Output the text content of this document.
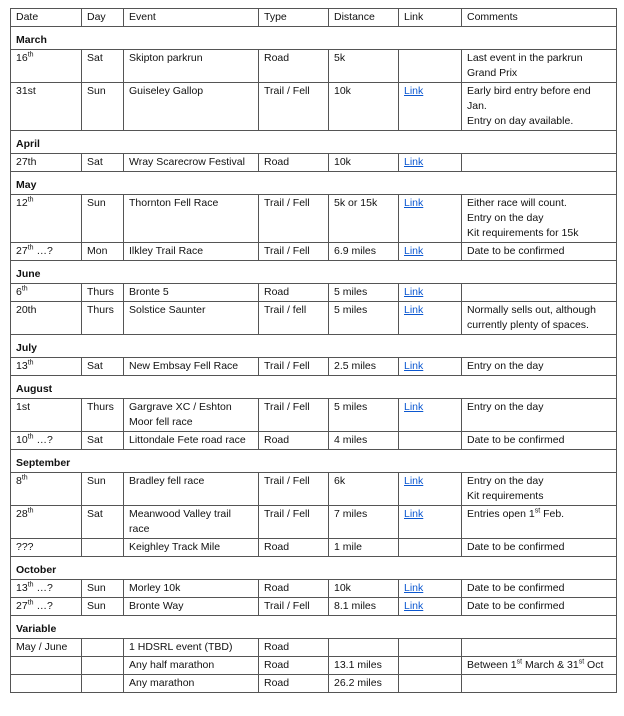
Date	Day	Event	Type	Distance	Link	Comments
March						
16th	Sat	Skipton parkrun	Road	5k		Last event in the parkrun Grand Prix
31st	Sun	Guiseley Gallop	Trail / Fell	10k	Link	Early bird entry before end Jan.
Entry on day available.
April						
27th	Sat	Wray Scarecrow Festival	Road	10k	Link	
May						
12th	Sun	Thornton Fell Race	Trail / Fell	5k or 15k	Link	Either race will count.
Entry on the day
Kit requirements for 15k
27th …?	Mon	Ilkley Trail Race	Trail / Fell	6.9 miles	Link	Date to be confirmed
June						
6th	Thurs	Bronte 5	Road	5 miles	Link	
20th	Thurs	Solstice Saunter	Trail / fell	5 miles	Link	Normally sells out, although currently plenty of spaces.
July						
13th	Sat	New Embsay Fell Race	Trail / Fell	2.5 miles	Link	Entry on the day
August						
1st	Thurs	Gargrave XC / Eshton Moor fell race	Trail / Fell	5 miles	Link	Entry on the day
10th …?	Sat	Littondale Fete road race	Road	4 miles		Date to be confirmed
September						
8th	Sun	Bradley fell race	Trail / Fell	6k	Link	Entry on the day
Kit requirements
28th	Sat	Meanwood Valley trail race	Trail / Fell	7 miles	Link	Entries open 1st Feb.
???		Keighley Track Mile	Road	1 mile		Date to be confirmed
October						
13th …?	Sun	Morley 10k	Road	10k	Link	Date to be confirmed
27th …?	Sun	Bronte Way	Trail / Fell	8.1 miles	Link	Date to be confirmed
Variable						
May / June		1 HDSRL event (TBD)	Road			
		Any half marathon	Road	13.1 miles		Between 1st March & 31st Oct
		Any marathon	Road	26.2 miles		
